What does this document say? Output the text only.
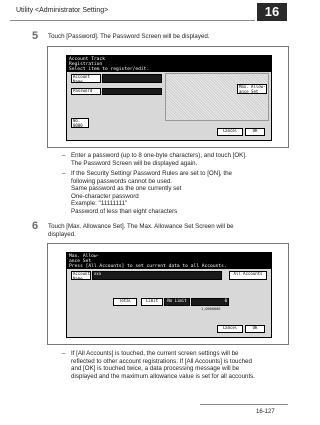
Utility <Administrator Setting>	16
5 Touch [Password]. The Password Screen will be displayed.
Account Track
Registration
Select item to register/edit.
Account
Name
Password
Max. Allow-
ance Set
No.
0000
Cancel	OK
– Enter a password (up to 8 one-byte characters), and touch [OK].
The Password Screen will be displayed again.
– If the Security Setting/ Password Rules are set to [ON], the
following passwords cannot be used.
Same password as the one currently set
One-character password
Example: "11111111"
Password of less than eight characters
6 Touch [Max. Allowance Set]. The Max. Allowance Set Screen will be
displayed.
Max. Allow-
ance Set
Press [All Accounts] to set current data to all Accounts.
Account
Name
xxx	All Accounts
Total	Limit	No Limit	0
1,0000000
Cancel	OK
– If [All Accounts] is touched, the current screen settings will be
reflected to other account registrations. If [All Accounts] is touched
and [OK] is touched twice, a data processing message will be
displayed and the maximum allowance value is set for all accounts.
16-127
